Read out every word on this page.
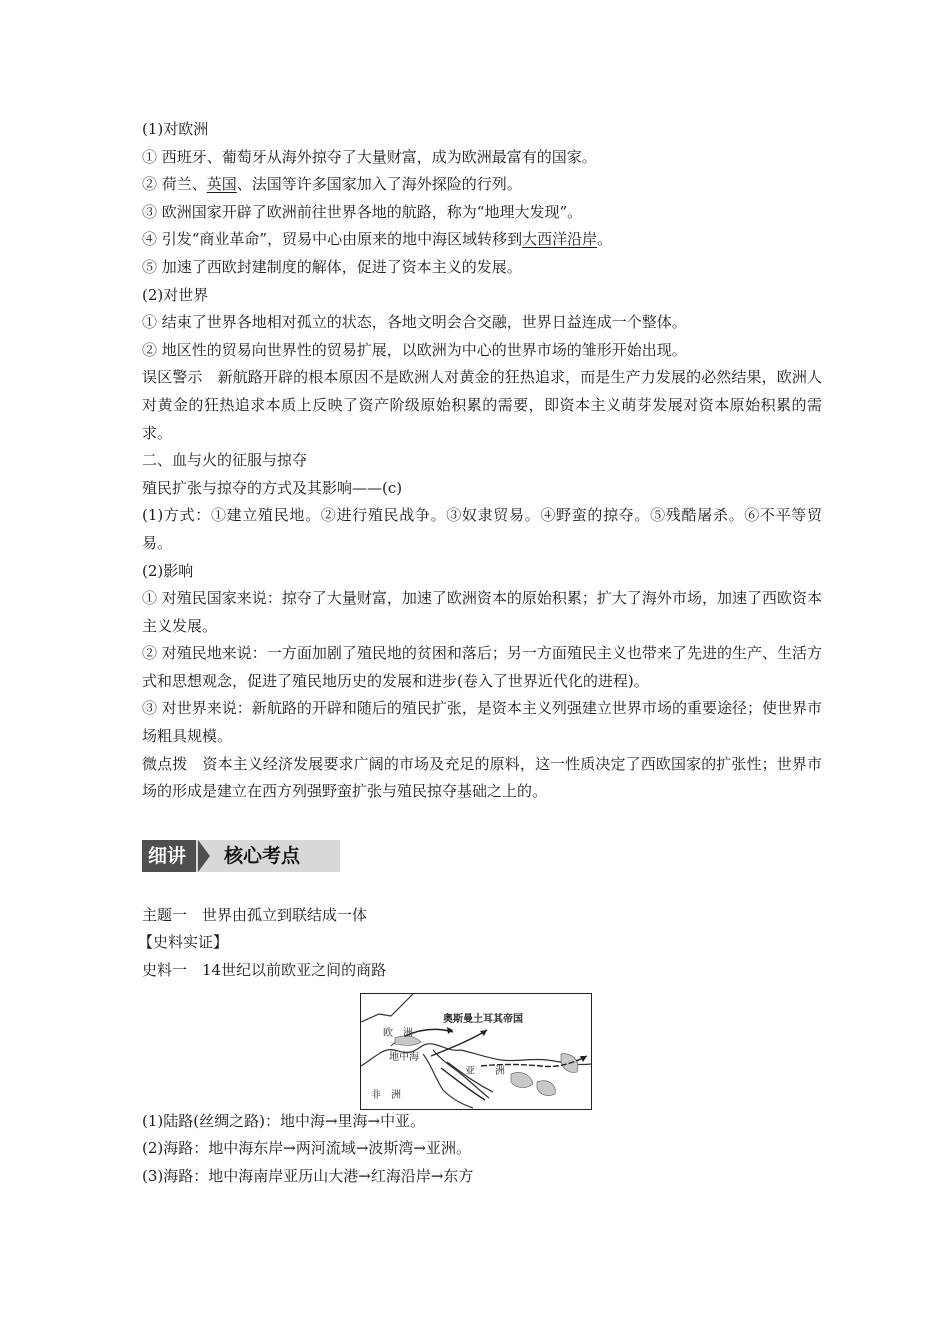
(1)对欧洲
① 西班牙、葡萄牙从海外掠夺了大量财富，成为欧洲最富有的国家。
② 荷兰、英国、法国等许多国家加入了海外探险的行列。
③ 欧洲国家开辟了欧洲前往世界各地的航路，称为“地理大发现”。
④ 引发“商业革命”，贸易中心由原来的地中海区域转移到大西洋沿岸。
⑤ 加速了西欧封建制度的解体，促进了资本主义的发展。
(2)对世界
① 结束了世界各地相对孤立的状态，各地文明会合交融，世界日益连成一个整体。
② 地区性的贸易向世界性的贸易扩展，以欧洲为中心的世界市场的雏形开始出现。
误区警示　新航路开辟的根本原因不是欧洲人对黄金的狂热追求，而是生产力发展的必然结果，欧洲人对黄金的狂热追求本质上反映了资产阶级原始积累的需要，即资本主义萌芽发展对资本原始积累的需求。
二、血与火的征服与掠夺
殖民扩张与掠夺的方式及其影响——(c)
(1)方式：①建立殖民地。②进行殖民战争。③奴隶贸易。④野蛮的掠夺。⑤残酷屠杀。⑥不平等贸易。
(2)影响
① 对殖民国家来说：掠夺了大量财富，加速了欧洲资本的原始积累；扩大了海外市场，加速了西欧资本主义发展。
② 对殖民地来说：一方面加剧了殖民地的贫困和落后；另一方面殖民主义也带来了先进的生产、生活方式和思想观念，促进了殖民地历史的发展和进步(卷入了世界近代化的进程)。
③ 对世界来说：新航路的开辟和随后的殖民扩张，是资本主义列强建立世界市场的重要途径；使世界市场粗具规模。
微点拨　资本主义经济发展要求广阔的市场及充足的原料，这一性质决定了西欧国家的扩张性；世界市场的形成是建立在西方列强野蛮扩张与殖民掠夺基础之上的。
细讲 核心考点
主题一　世界由孤立到联结成一体
【史料实证】
史料一　14世纪以前欧亚之间的商路
欧　洲
奥斯曼土耳其帝国
地中海
亚　　洲
非　洲
(1)陆路(丝绸之路)：地中海→里海→中亚。
(2)海路：地中海东岸→两河流域→波斯湾→亚洲。
(3)海路：地中海南岸亚历山大港→红海沿岸→东方
